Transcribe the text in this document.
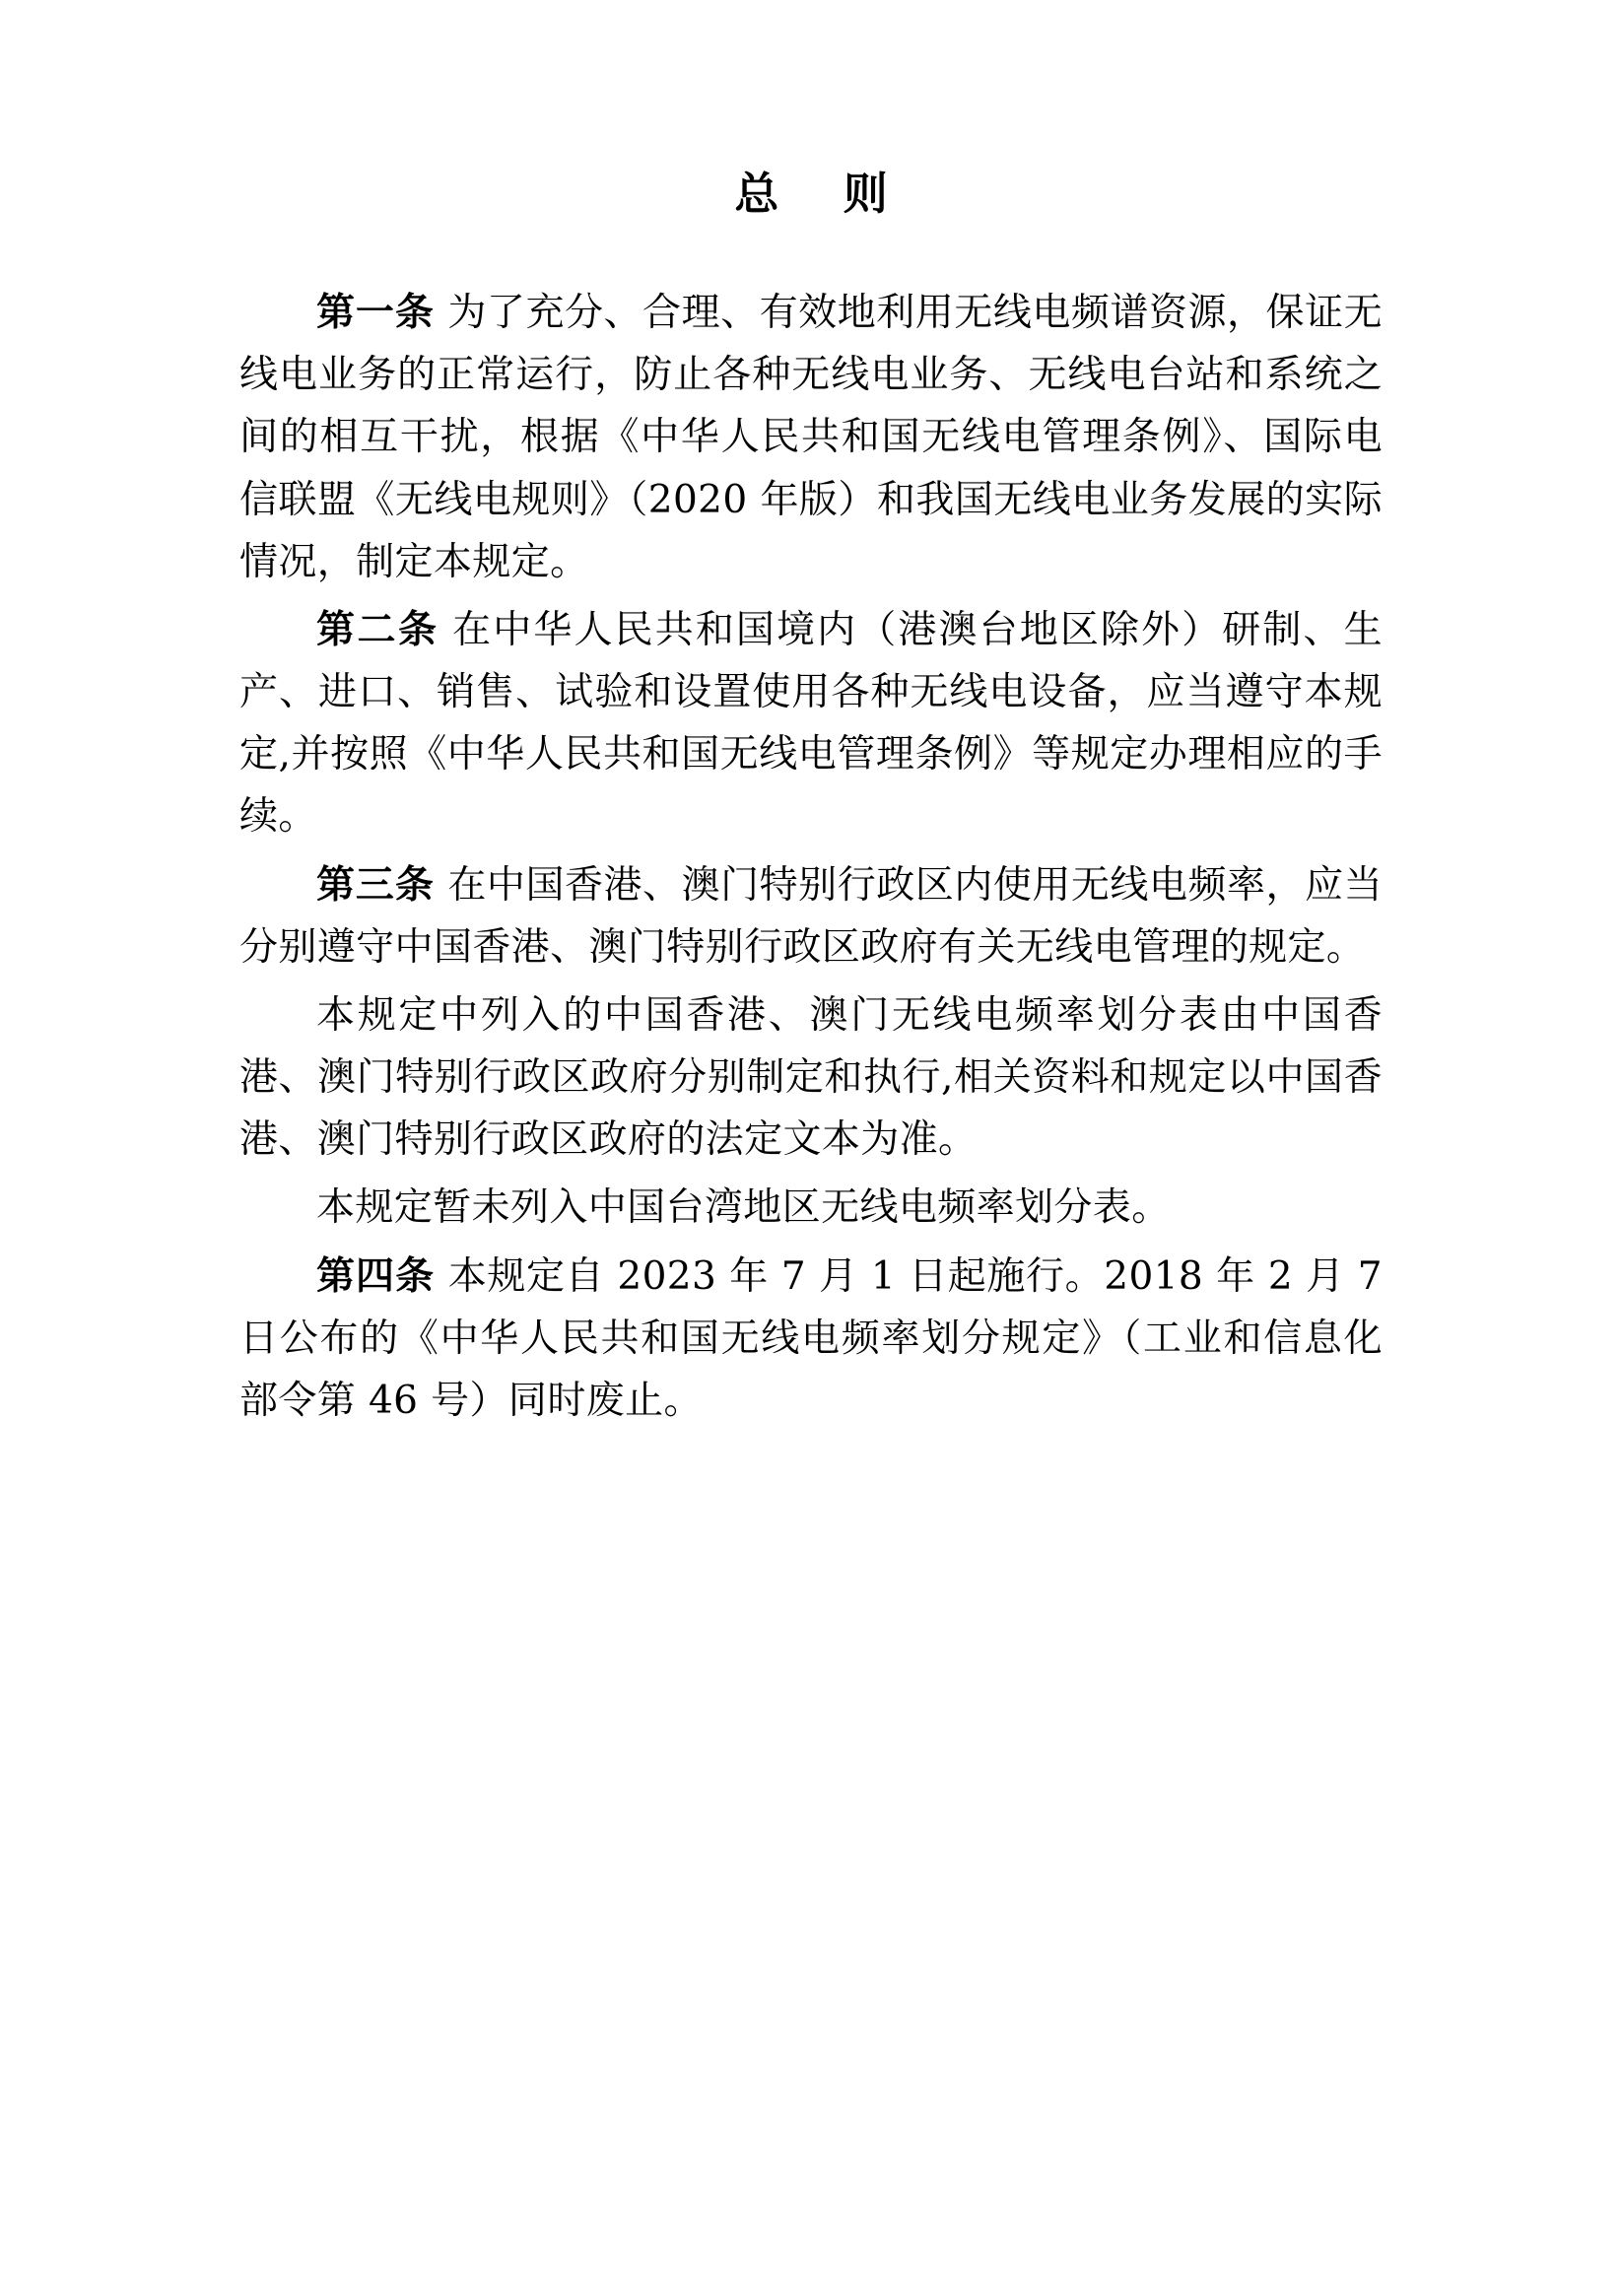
总 则

第一条 为了充分、合理、有效地利用无线电频谱资源，保证无线电业务的正常运行，防止各种无线电业务、无线电台站和系统之间的相互干扰，根据《中华人民共和国无线电管理条例》、国际电信联盟《无线电规则》（2020 年版）和我国无线电业务发展的实际情况，制定本规定。

第二条 在中华人民共和国境内（港澳台地区除外）研制、生产、进口、销售、试验和设置使用各种无线电设备，应当遵守本规定,并按照《中华人民共和国无线电管理条例》等规定办理相应的手续。

第三条 在中国香港、澳门特别行政区内使用无线电频率，应当分别遵守中国香港、澳门特别行政区政府有关无线电管理的规定。

本规定中列入的中国香港、澳门无线电频率划分表由中国香港、澳门特别行政区政府分别制定和执行,相关资料和规定以中国香港、澳门特别行政区政府的法定文本为准。

本规定暂未列入中国台湾地区无线电频率划分表。

第四条 本规定自 2023 年 7 月 1 日起施行。2018 年 2 月 7 日公布的《中华人民共和国无线电频率划分规定》（工业和信息化部令第 46 号）同时废止。
